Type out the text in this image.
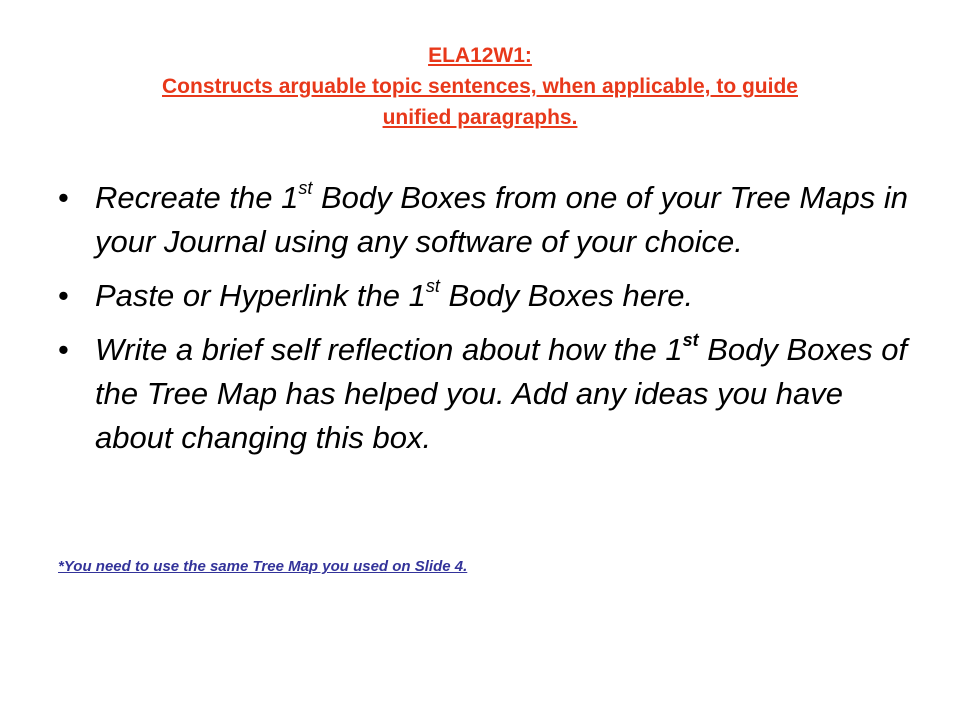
ELA12W1:
Constructs arguable topic sentences, when applicable, to guide
unified paragraphs.
• Recreate the 1st Body Boxes from one of your Tree Maps in your Journal using any software of your choice.
• Paste or Hyperlink the 1st Body Boxes here.
• Write a brief self reflection about how the 1st Body Boxes of the Tree Map has helped you. Add any ideas you have about changing this box.
*You need to use the same Tree Map you used on Slide 4.
